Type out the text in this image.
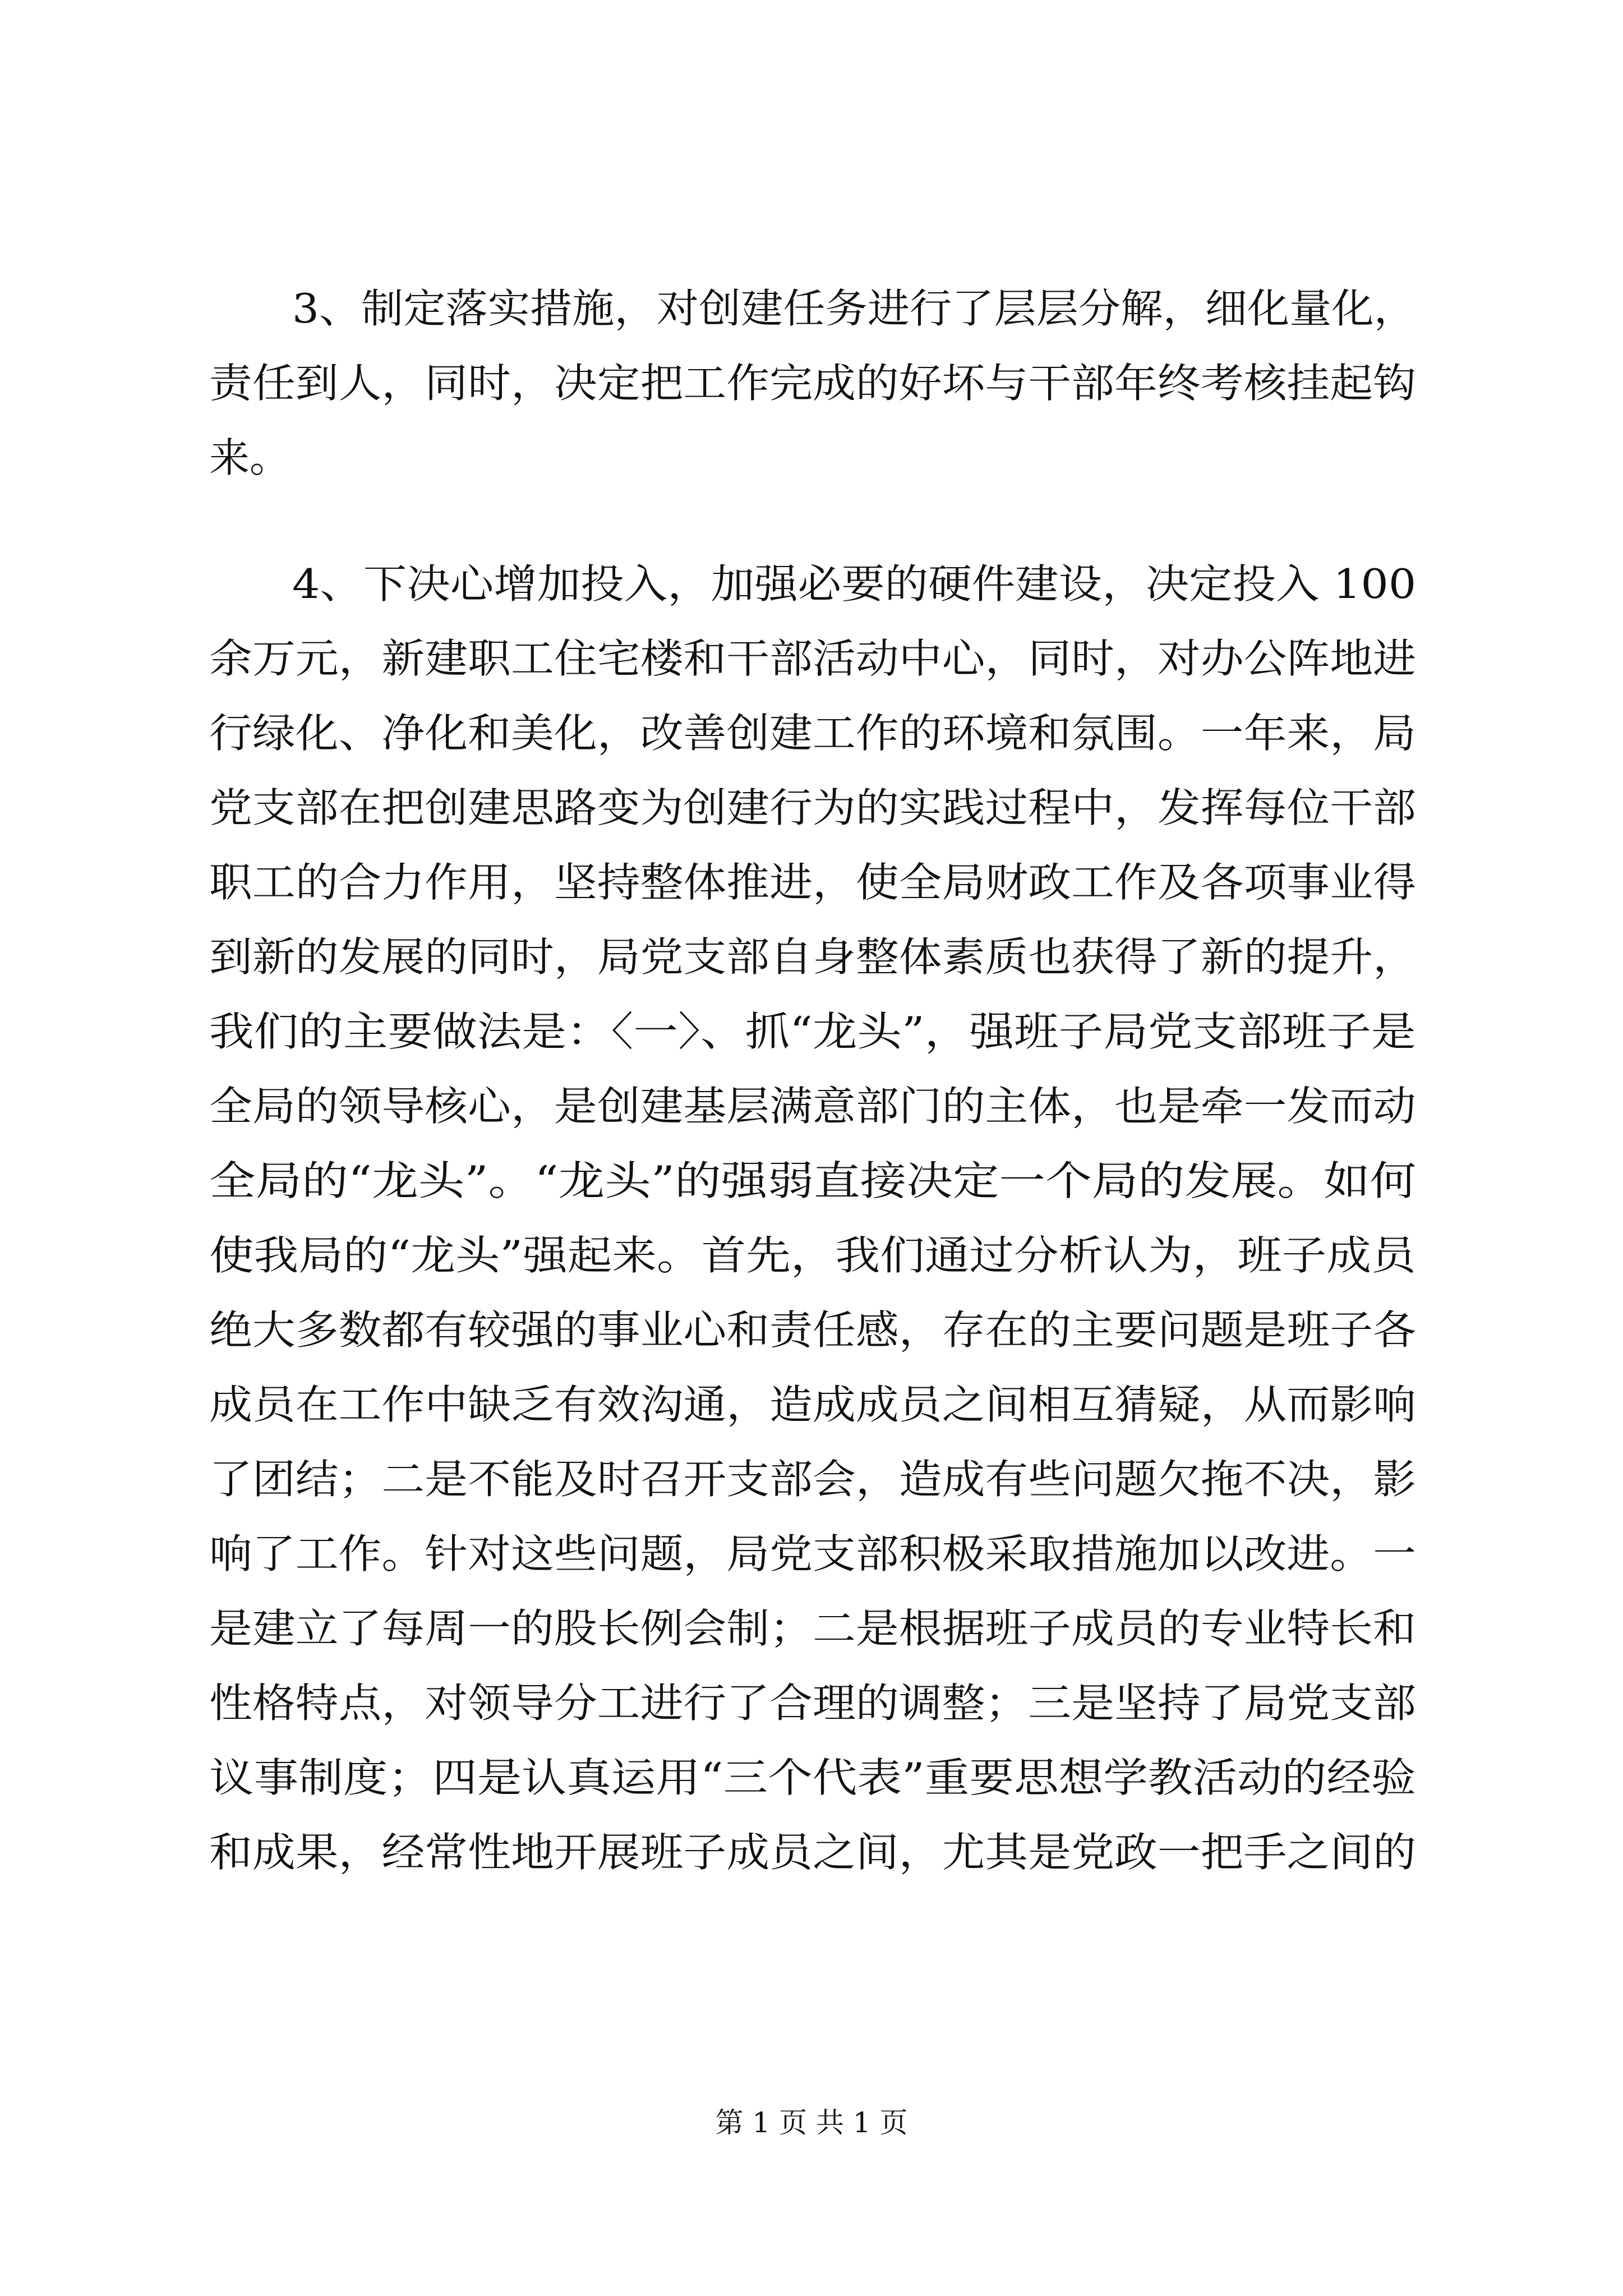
3、制定落实措施，对创建任务进行了层层分解，细化量化，
责任到人，同时，决定把工作完成的好坏与干部年终考核挂起钩
来。
4、下决心增加投入，加强必要的硬件建设，决定投入 100
余万元，新建职工住宅楼和干部活动中心，同时，对办公阵地进
行绿化、净化和美化，改善创建工作的环境和氛围。一年来，局
党支部在把创建思路变为创建行为的实践过程中，发挥每位干部
职工的合力作用，坚持整体推进，使全局财政工作及各项事业得
到新的发展的同时，局党支部自身整体素质也获得了新的提升，
我们的主要做法是：〈一〉、抓“龙头”，强班子局党支部班子是
全局的领导核心，是创建基层满意部门的主体，也是牵一发而动
全局的“龙头”。“龙头”的强弱直接决定一个局的发展。如何
使我局的“龙头”强起来。首先，我们通过分析认为，班子成员
绝大多数都有较强的事业心和责任感，存在的主要问题是班子各
成员在工作中缺乏有效沟通，造成成员之间相互猜疑，从而影响
了团结；二是不能及时召开支部会，造成有些问题欠拖不决，影
响了工作。针对这些问题，局党支部积极采取措施加以改进。一
是建立了每周一的股长例会制；二是根据班子成员的专业特长和
性格特点，对领导分工进行了合理的调整；三是坚持了局党支部
议事制度；四是认真运用“三个代表”重要思想学教活动的经验
和成果，经常性地开展班子成员之间，尤其是党政一把手之间的
第 1 页 共 1 页
